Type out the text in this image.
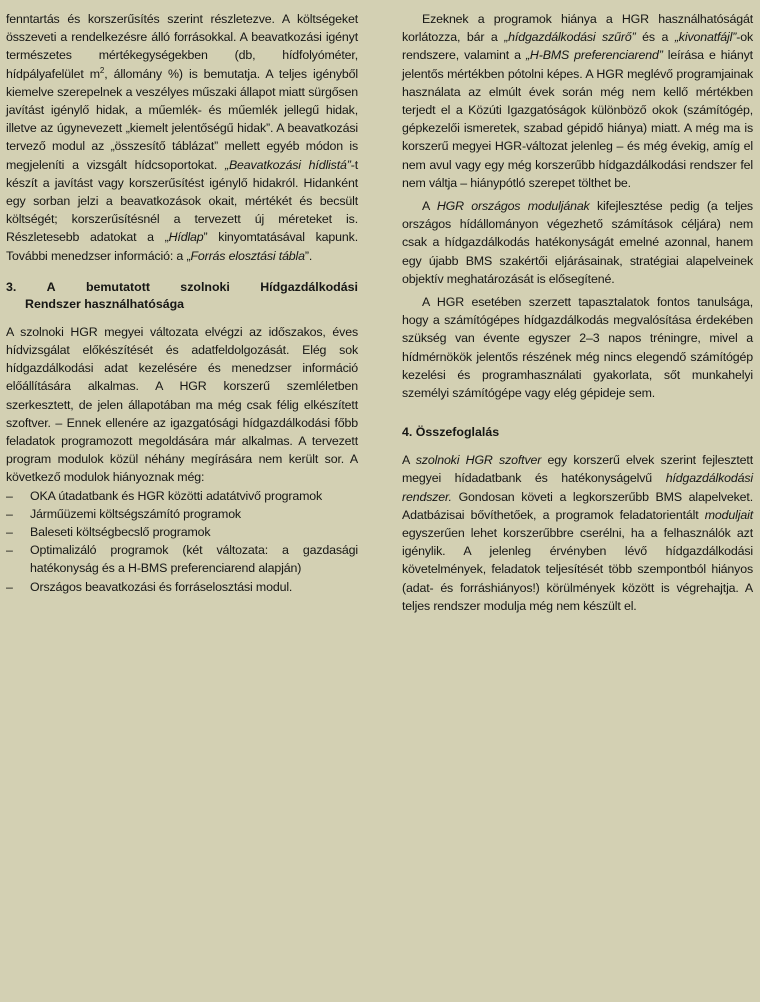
fenntartás és korszerűsítés szerint részletezve. A költségeket összeveti a rendelkezésre álló forrásokkal. A beavatkozási igényt természetes mértékegységekben (db, hídfolyóméter, hídpályafelület $m^2$, állomány %) is bemutatja. A teljes igényből kiemelve szerepelnek a veszélyes műszaki állapot miatt sürgősen javítást igénylő hidak, a műemlék- és műemlék jellegű hidak, illetve az úgynevezett „kiemelt jelentőségű hidak”. A beavatkozási tervező modul az „összesítő táblázat” mellett egyéb módon is megjeleníti a vizsgált hídcsoportokat. „Beavatkozási hídlistá”-t készít a javítást vagy korszerűsítést igénylő hidakról. Hidanként egy sorban jelzi a beavatkozások okait, mértékét és becsült költségét; korszerűsítésnél a tervezett új méreteket is. Részletesebb adatokat a „Hídlap” kinyomtatásával kapunk. További menedzser információ: a „Forrás elosztási tábla”.

3. A bemutatott szolnoki Hídgazdálkodási
Rendszer használhatósága

A szolnoki HGR megyei változata elvégzi az időszakos, éves hídvizsgálat előkészítését és adatfeldolgozását. Elég sok hídgazdálkodási adat kezelésére és menedzser információ előállítására alkalmas. A HGR korszerű szemléletben szerkesztett, de jelen állapotában ma még csak félig elkészített szoftver. – Ennek ellenére az igazgatósági hídgazdálkodási főbb feladatok programozott megoldására már alkalmas. A tervezett program modulok közül néhány megírására nem került sor. A következő modulok hiányoznak még:

– OKA útadatbank és HGR közötti adatátvivő programok
– Járműüzemi költségszámító programok
– Baleseti költségbecslő programok
– Optimalizáló programok (két változata: a gazdasági hatékonyság és a H-BMS preferenciarend alapján)
– Országos beavatkozási és forráselosztási modul.

Ezeknek a programok hiánya a HGR használhatóságát korlátozza, bár a „hídgazdálkodási szűrő” és a „kivonatfájl”-ok rendszere, valamint a „H-BMS preferenciarend” leírása e hiányt jelentős mértékben pótolni képes. A HGR meglévő programjainak használata az elmúlt évek során még nem kellő mértékben terjedt el a Közúti Igazgatóságok különböző okok (számítógép, gépkezelői ismeretek, szabad gépidő hiánya) miatt. A még ma is korszerű megyei HGR-változat jelenleg – és még évekig, amíg el nem avul vagy egy még korszerűbb hídgazdálkodási rendszer fel nem váltja – hiánypótló szerepet tölthet be.

A HGR országos moduljának kifejlesztése pedig (a teljes országos hídállományon végezhető számítások céljára) nem csak a hídgazdálkodás hatékonyságát emelné azonnal, hanem egy újabb BMS szakértői eljárásainak, stratégiai alapelveinek objektív meghatározását is elősegítené.

A HGR esetében szerzett tapasztalatok fontos tanulsága, hogy a számítógépes hídgazdálkodás megvalósítása érdekében szükség van évente egyszer 2–3 napos tréningre, mivel a hídmérnökök jelentős részének még nincs elegendő számítógép kezelési és programhasználati gyakorlata, sőt munkahelyi személyi számítógépe vagy elég gépideje sem.

4. Összefoglalás

A szolnoki HGR szoftver egy korszerű elvek szerint fejlesztett megyei hídadatbank és hatékonyságelvű hídgazdálkodási rendszer. Gondosan követi a legkorszerűbb BMS alapelveket. Adatbázisai bővíthetőek, a programok feladatorientált moduljait egyszerűen lehet korszerűbbre cserélni, ha a felhasználók azt igénylik. A jelenleg érvényben lévő hídgazdálkodási követelmények, feladatok teljesítését több szempontból hiányos (adat- és forráshiányos!) körülmények között is végrehajtja. A teljes rendszer modulja még nem készült el.
